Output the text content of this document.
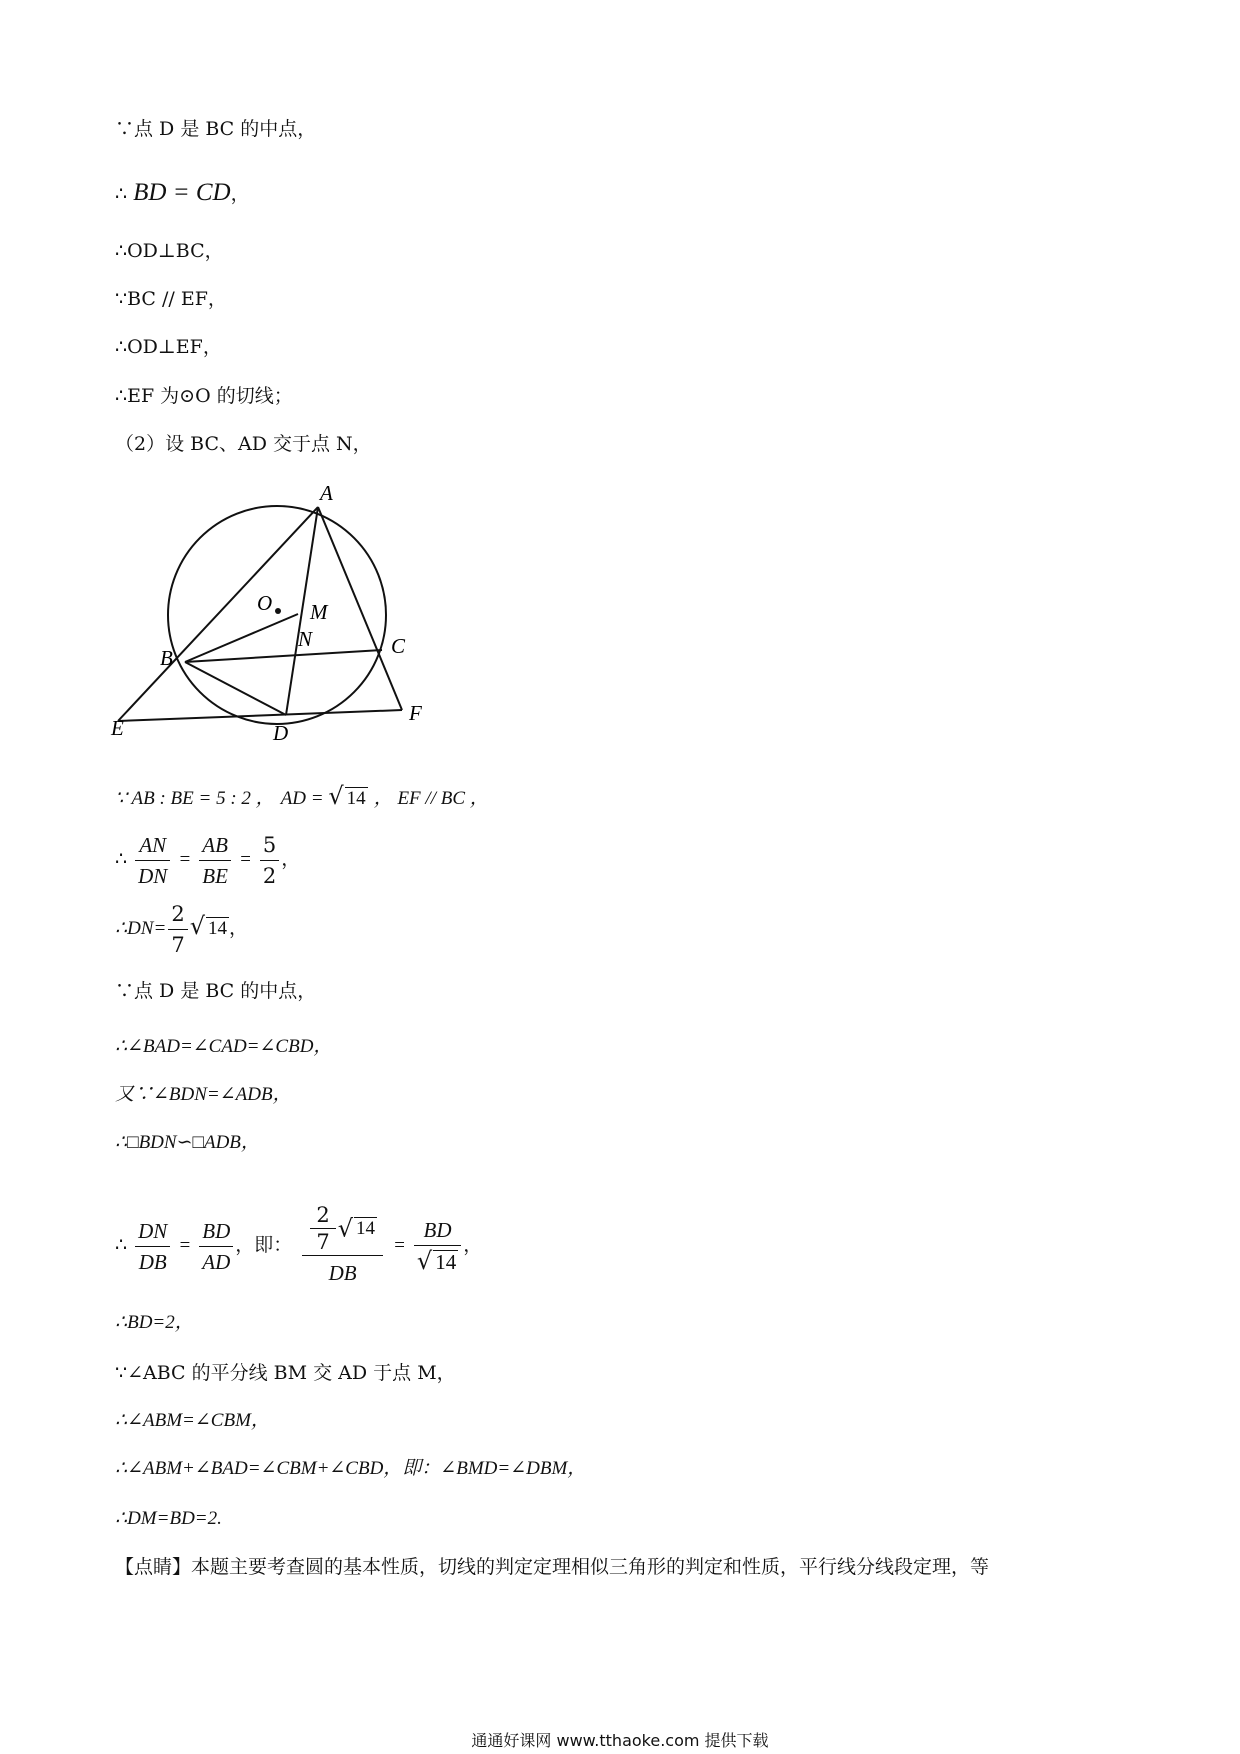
∵点 D 是 BC 的中点，
∴ BD = CD，
∴OD⊥BC，
∵BC // EF，
∴OD⊥EF，
∴EF 为⊙O 的切线；
（2）设 BC、AD 交于点 N，
A
O M
N
B	C
E	D
F
∵ AB : BE = 5 : 2 ， AD = √ 14 ， EF // BC ，
∴ $\frac{AN}{DN} = \frac{AB}{BE} = \frac{5}{2}$ ，
∴DN= $\frac{2}{7}$ √ 14 ，
∵点 D 是 BC 的中点，
∴∠BAD=∠CAD=∠CBD，
又∵∠BDN=∠ADB，
∴□BDN∽□ADB，
∴ $\frac{DN}{DB} = \frac{BD}{AD}$ ，即： $\frac{\frac{2}{7} √ 14}{DB} = \frac{BD}{√ 14}$ ，
∴BD=2，
∵∠ABC 的平分线 BM 交 AD 于点 M，
∴∠ABM=∠CBM，
∴∠ABM+∠BAD=∠CBM+∠CBD，即：∠BMD=∠DBM，
∴DM=BD=2.
【点睛】本题主要考查圆的基本性质，切线的判定定理相似三角形的判定和性质，平行线分线段定理，等
通通好课网 www.tthaoke.com 提供下载
